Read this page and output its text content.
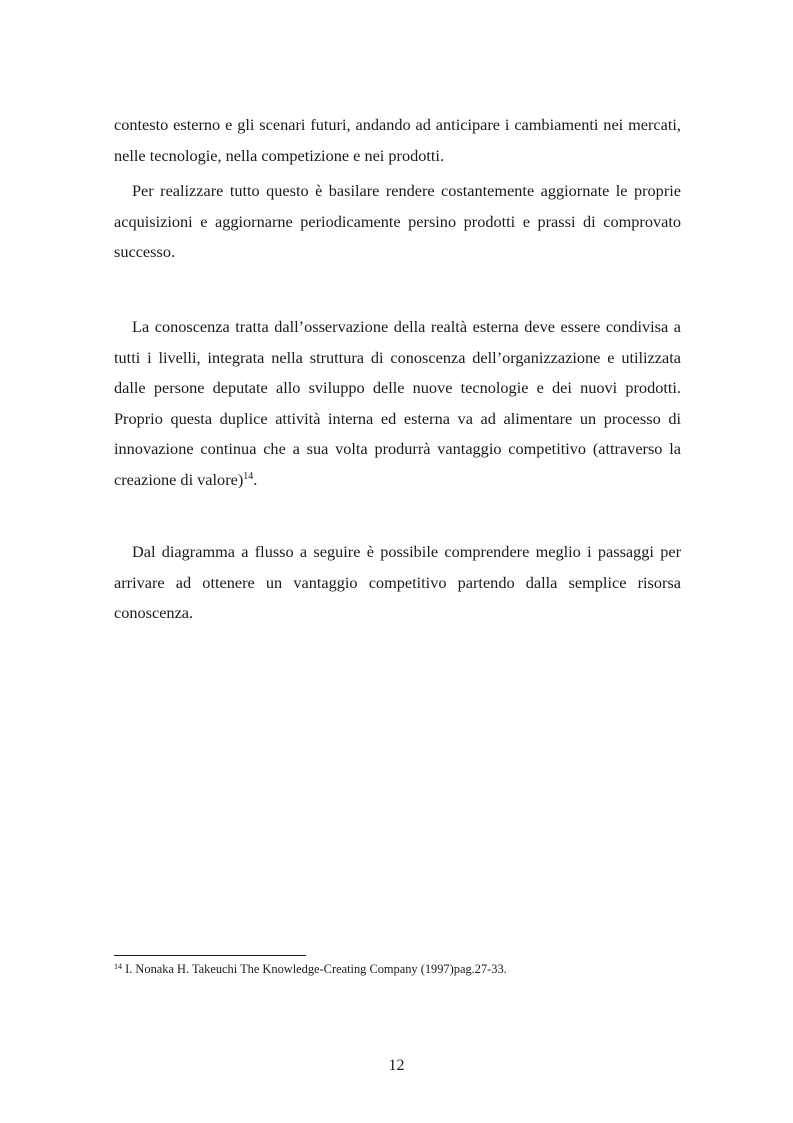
contesto esterno e gli scenari futuri, andando ad anticipare i cambiamenti nei mercati, nelle tecnologie, nella competizione e nei prodotti.

Per realizzare tutto questo è basilare rendere costantemente aggiornate le proprie acquisizioni e aggiornarne periodicamente persino prodotti e prassi di comprovato successo.

La conoscenza tratta dall’osservazione della realtà esterna deve essere condivisa a tutti i livelli, integrata nella struttura di conoscenza dell’organizzazione e utilizzata dalle persone deputate allo sviluppo delle nuove tecnologie e dei nuovi prodotti. Proprio questa duplice attività interna ed esterna va ad alimentare un processo di innovazione continua che a sua volta produrrà vantaggio competitivo (attraverso la creazione di valore)$^{14}$.

Dal diagramma a flusso a seguire è possibile comprendere meglio i passaggi per arrivare ad ottenere un vantaggio competitivo partendo dalla semplice risorsa conoscenza.

$^{14}$ I. Nonaka H. Takeuchi The Knowledge-Creating Company (1997)pag.27-33.
12
